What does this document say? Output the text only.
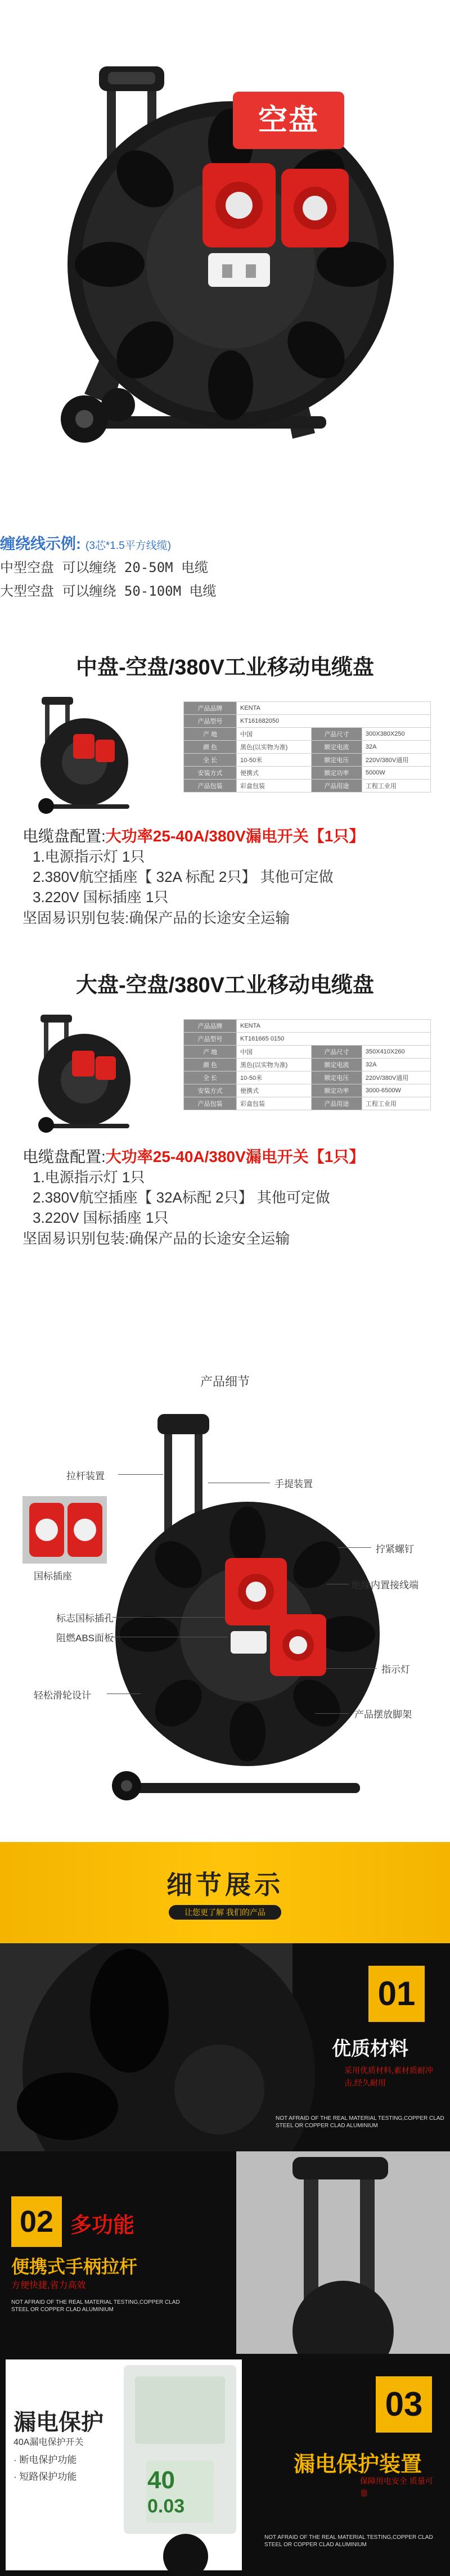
空盘
缠绕线示例: (3芯*1.5平方线缆)
中型空盘 可以缠绕 20-50M 电缆
大型空盘 可以缠绕 50-100M 电缆
中盘-空盘/380V工业移动电缆盘
产品品牌	KENTA		
产品型号	KT161682050		
产 地	中国	产品尺寸	300X380X250
颜 色	黑色(以实物为准)	额定电流	32A
全 长	10-50米	额定电压	220V/380V通用
安装方式	便携式	额定功率	5000W
产品包装	彩盒包装	产品用途	工程工业用
电缆盘配置:大功率25-40A/380V漏电开关【1只】
1.电源指示灯 1只
2.380V航空插座【 32A 标配 2只】 其他可定做
3.220V 国标插座 1只
坚固易识别包装:确保产品的长途安全运输
大盘-空盘/380V工业移动电缆盘
产品品牌	KENTA		
产品型号	KT161665 0150		
产 地	中国	产品尺寸	350X410X260
颜 色	黑色(以实物为准)	额定电流	32A
全 长	10-50米	额定电压	220V/380V通用
安装方式	便携式	额定功率	3000-6500W
产品包装	彩盒包装	产品用途	工程工业用
电缆盘配置:大功率25-40A/380V漏电开关【1只】
1.电源指示灯 1只
2.380V航空插座【 32A标配 2只】 其他可定做
3.220V 国标插座 1只
坚固易识别包装:确保产品的长途安全运输
产品细节
拉杆装置
手提装置
拧紧螺钉
国标插座
绝缘内置接线端
标志国标插孔
阻燃ABS面板
指示灯
轻松滑轮设计
产品摆放脚架
细节展示
让您更了解 我们的产品
01
优质材料
采用优质材料,素材质耐冲击,经久耐用
NOT AFRAID OF THE REAL MATERIAL TESTING,COPPER CLAD STEEL OR COPPER CLAD ALUMINIUM
02 多功能
便携式手柄拉杆
方便快捷,省力高效
NOT AFRAID OF THE REAL MATERIAL TESTING,COPPER CLAD STEEL OR COPPER CLAD ALUMINIUM
40
0.03
漏电保护
40A漏电保护开关
· 断电保护功能
· 短路保护功能
03
漏电保护装置
保障用电安全 质量可靠
NOT AFRAID OF THE REAL MATERIAL TESTING,COPPER CLAD STEEL OR COPPER CLAD ALUMINIUM
